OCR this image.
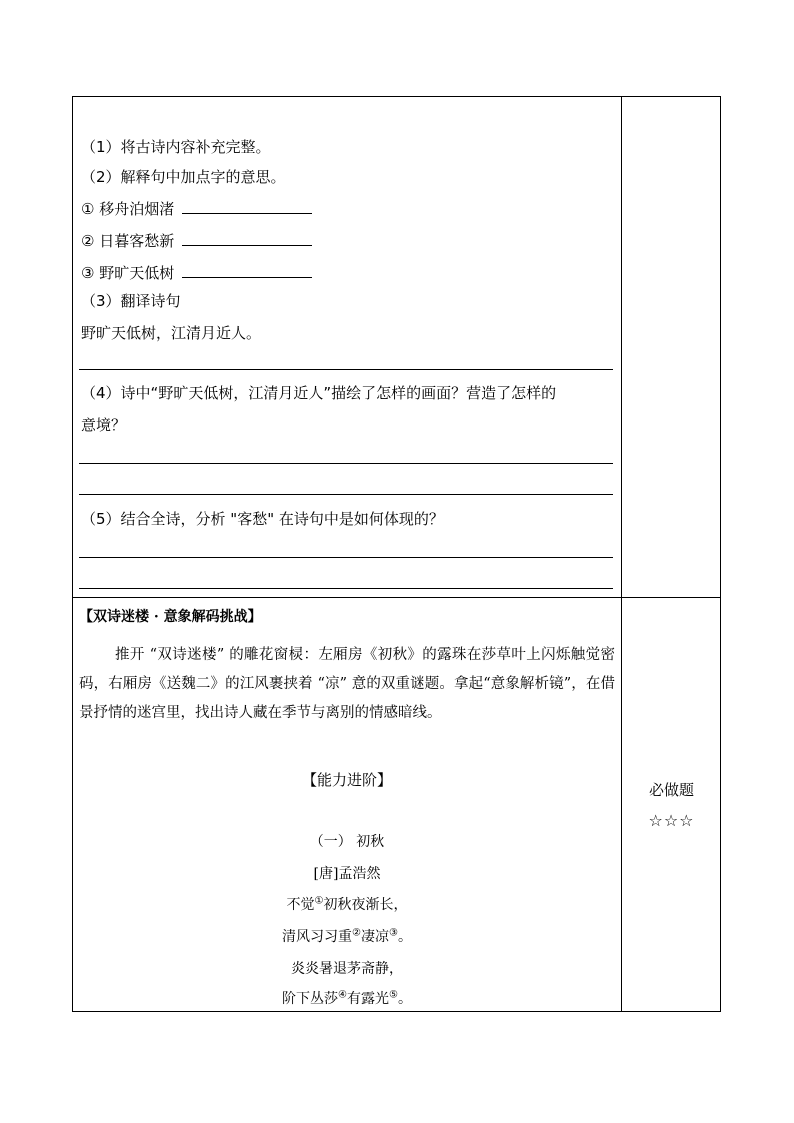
（1）将古诗内容补充完整。
（2）解释句中加点字的意思。
① 移舟泊烟渚
② 日暮客愁新
③ 野旷天低树
（3）翻译诗句
野旷天低树，江清月近人。
（4）诗中“野旷天低树，江清月近人”描绘了怎样的画面？营造了怎样的
意境？
（5）结合全诗，分析 "客愁" 在诗句中是如何体现的？
【双诗迷楼 · 意象解码挑战】
推开 “双诗迷楼” 的雕花窗棂：左厢房《初秋》的露珠在莎草叶上闪烁触觉密码，右厢房《送魏二》的江风裹挟着 “凉” 意的双重谜题。拿起“意象解析镜”，在借景抒情的迷宫里，找出诗人藏在季节与离别的情感暗线。
【能力进阶】
（一） 初秋
[唐]孟浩然
不觉①初秋夜渐长，
清风习习重②凄凉③。
炎炎暑退茅斋静，
阶下丛莎④有露光⑤。
必做题
☆☆☆
